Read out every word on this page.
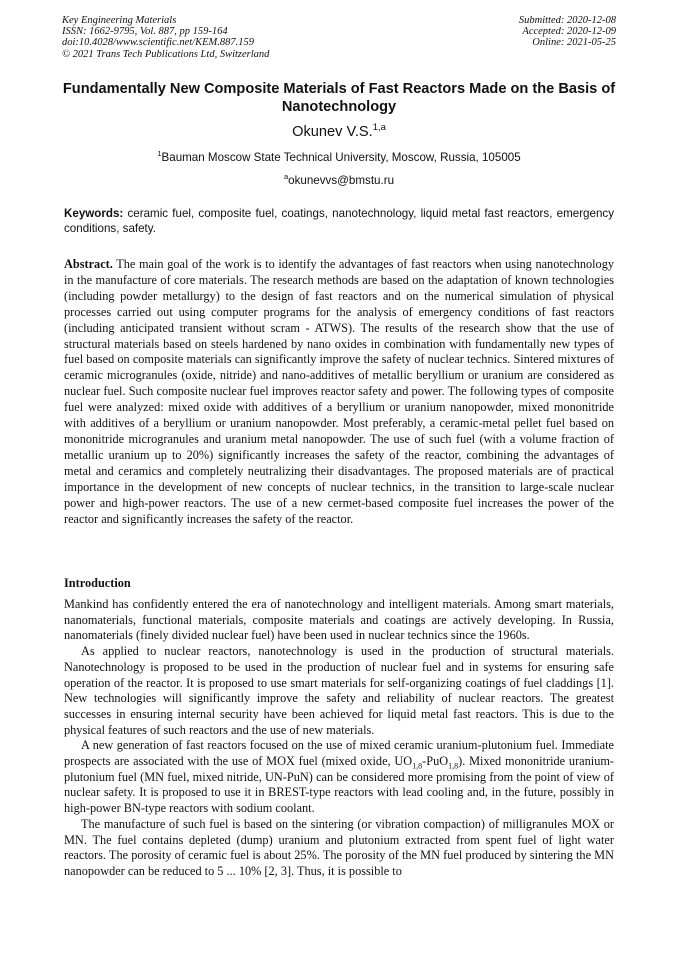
Key Engineering Materials
ISSN: 1662-9795, Vol. 887, pp 159-164
doi:10.4028/www.scientific.net/KEM.887.159
© 2021 Trans Tech Publications Ltd, Switzerland
Submitted: 2020-12-08
Accepted: 2020-12-09
Online: 2021-05-25
Fundamentally New Composite Materials of Fast Reactors Made on the Basis of Nanotechnology
Okunev V.S.$^{1,a}$
$^1$Bauman Moscow State Technical University, Moscow, Russia, 105005
$^a$okunevvs@bmstu.ru
Keywords: ceramic fuel, composite fuel, coatings, nanotechnology, liquid metal fast reactors, emergency conditions, safety.
Abstract. The main goal of the work is to identify the advantages of fast reactors when using nanotechnology in the manufacture of core materials. The research methods are based on the adaptation of known technologies (including powder metallurgy) to the design of fast reactors and on the numerical simulation of physical processes carried out using computer programs for the analysis of emergency conditions of fast reactors (including anticipated transient without scram - ATWS). The results of the research show that the use of structural materials based on steels hardened by nano oxides in combination with fundamentally new types of fuel based on composite materials can significantly improve the safety of nuclear technics. Sintered mixtures of ceramic microgranules (oxide, nitride) and nano-additives of metallic beryllium or uranium are considered as nuclear fuel. Such composite nuclear fuel improves reactor safety and power. The following types of composite fuel were analyzed: mixed oxide with additives of a beryllium or uranium nanopowder, mixed mononitride with additives of a beryllium or uranium nanopowder. Most preferably, a ceramic-metal pellet fuel based on mononitride microgranules and uranium metal nanopowder. The use of such fuel (with a volume fraction of metallic uranium up to 20%) significantly increases the safety of the reactor, combining the advantages of metal and ceramics and completely neutralizing their disadvantages. The proposed materials are of practical importance in the development of new concepts of nuclear technics, in the transition to large-scale nuclear power and high-power reactors. The use of a new cermet-based composite fuel increases the power of the reactor and significantly increases the safety of the reactor.
Introduction

Mankind has confidently entered the era of nanotechnology and intelligent materials. Among smart materials, nanomaterials, functional materials, composite materials and coatings are actively developing. In Russia, nanomaterials (finely divided nuclear fuel) have been used in nuclear technics since the 1960s.

As applied to nuclear reactors, nanotechnology is used in the production of structural materials. Nanotechnology is proposed to be used in the production of nuclear fuel and in systems for ensuring safe operation of the reactor. It is proposed to use smart materials for self-organizing coatings of fuel claddings [1]. New technologies will significantly improve the safety and reliability of nuclear reactors. The greatest successes in ensuring internal security have been achieved for liquid metal fast reactors. This is due to the physical features of such reactors and the use of new materials.

A new generation of fast reactors focused on the use of mixed ceramic uranium-plutonium fuel. Immediate prospects are associated with the use of MOX fuel (mixed oxide, $UO_{1,8}-PuO_{1,8}$). Mixed mononitride uranium-plutonium fuel (MN fuel, mixed nitride, UN-PuN) can be considered more promising from the point of view of nuclear safety. It is proposed to use it in BREST-type reactors with lead cooling and, in the future, possibly in high-power BN-type reactors with sodium coolant.

The manufacture of such fuel is based on the sintering (or vibration compaction) of milligranules MOX or MN. The fuel contains depleted (dump) uranium and plutonium extracted from spent fuel of light water reactors. The porosity of ceramic fuel is about 25%. The porosity of the MN fuel produced by sintering the MN nanopowder can be reduced to 5 ... 10% [2, 3]. Thus, it is possible to
